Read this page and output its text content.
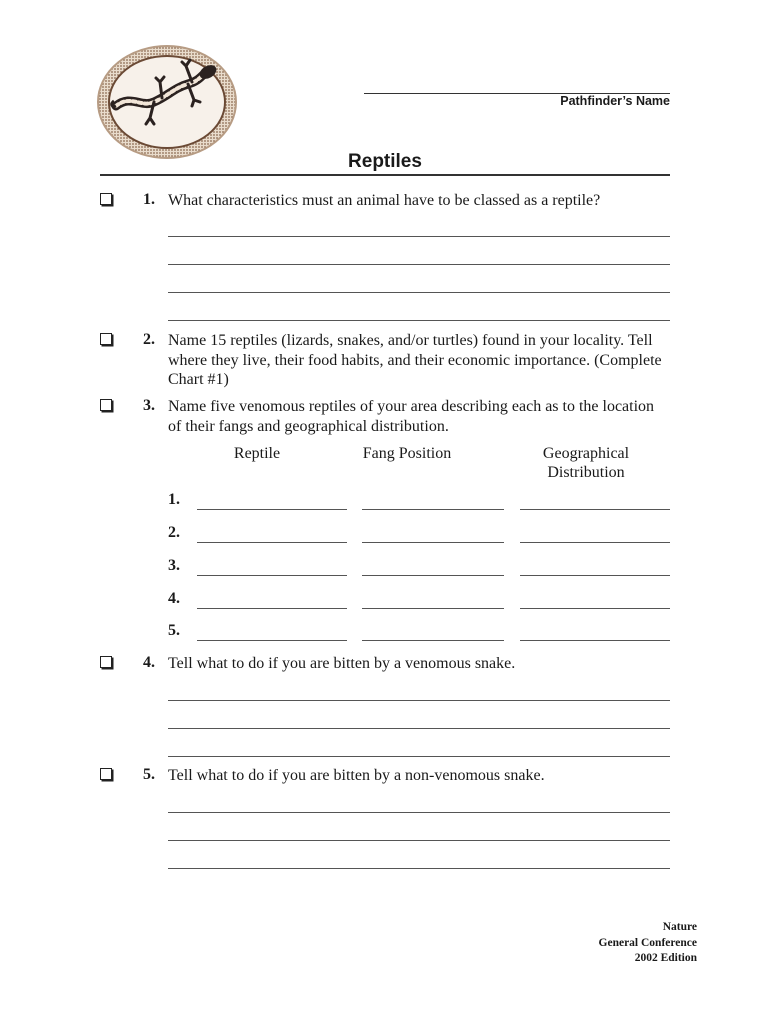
Pathfinder’s Name
Reptiles
1. What characteristics must an animal have to be classed as a reptile?
2. Name 15 reptiles (lizards, snakes, and/or turtles) found in your locality. Tell where they live, their food habits, and their economic importance. (Complete Chart #1)
3. Name five venomous reptiles of your area describing each as to the location of their fangs and geographical distribution.
Reptile	Fang Position	Geographical Distribution
1.
2.
3.
4.
5.
4. Tell what to do if you are bitten by a venomous snake.
5. Tell what to do if you are bitten by a non-venomous snake.
Nature
General Conference
2002 Edition
